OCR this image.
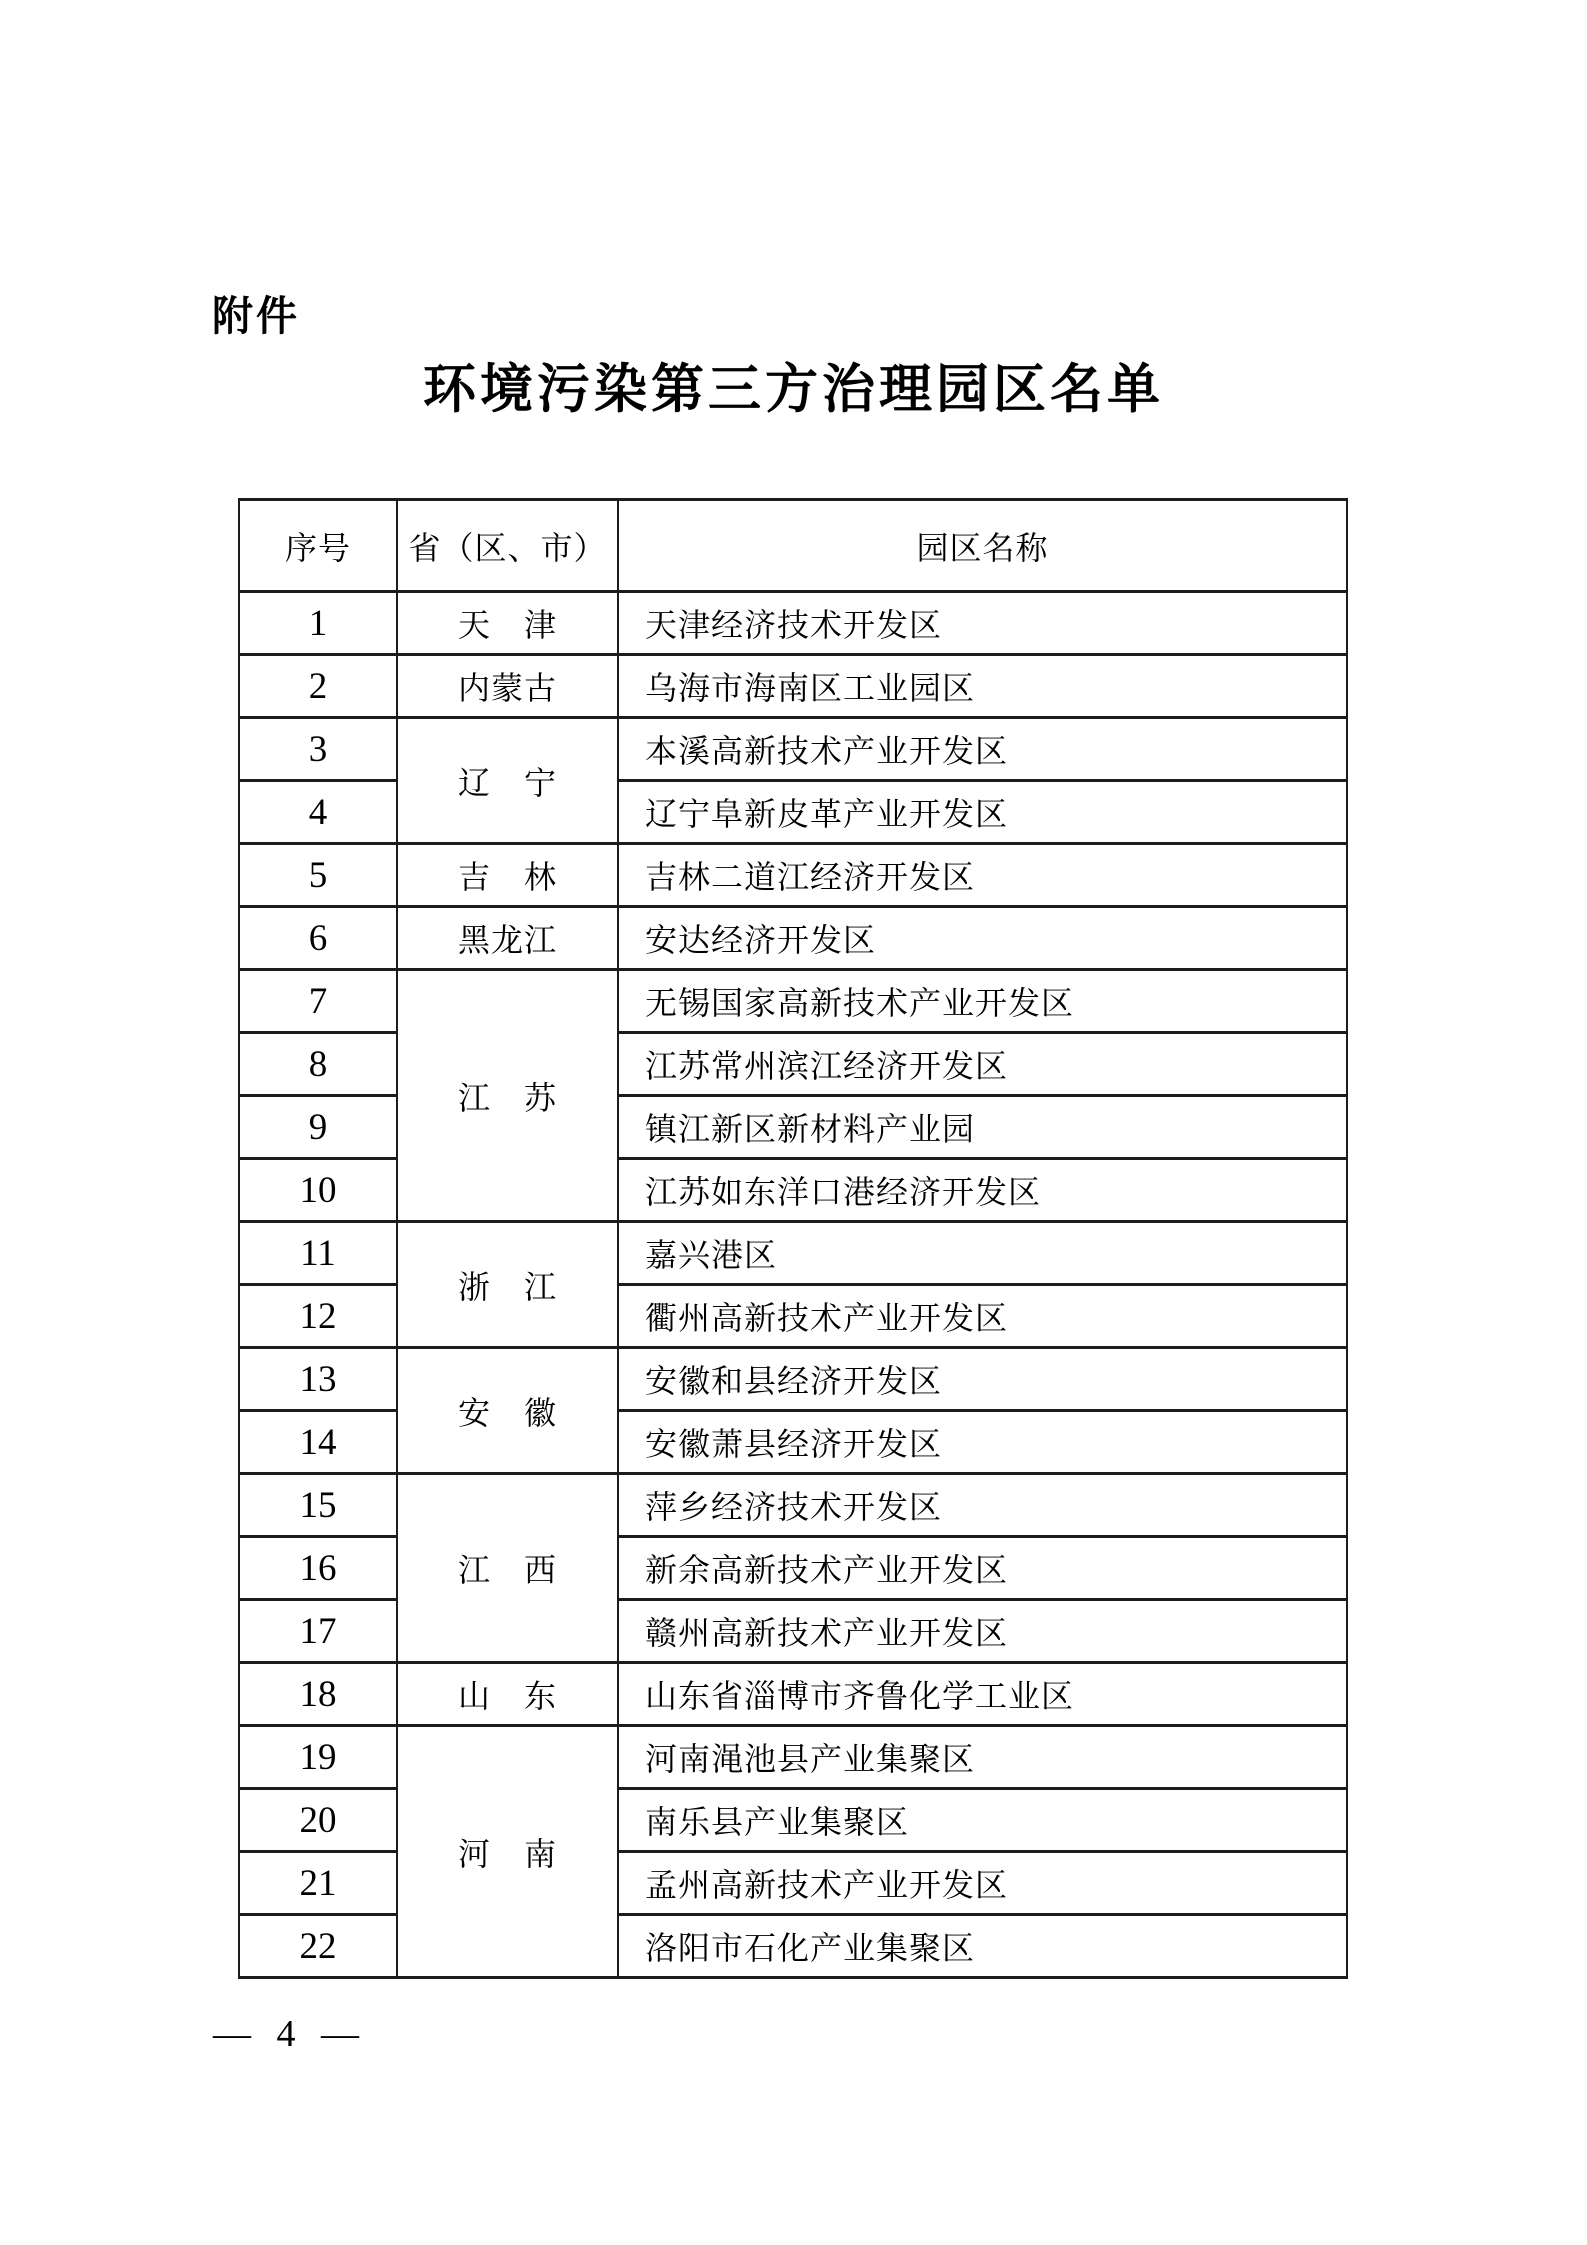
附件
环境污染第三方治理园区名单
序号	省（区、市）	园区名称
1	天　津	天津经济技术开发区
2	内蒙古	乌海市海南区工业园区
3	辽　宁	本溪高新技术产业开发区
4		辽宁阜新皮革产业开发区
5	吉　林	吉林二道江经济开发区
6	黑龙江	安达经济开发区
7	江　苏	无锡国家高新技术产业开发区
8		江苏常州滨江经济开发区
9		镇江新区新材料产业园
10		江苏如东洋口港经济开发区
11	浙　江	嘉兴港区
12		衢州高新技术产业开发区
13	安　徽	安徽和县经济开发区
14		安徽萧县经济开发区
15	江　西	萍乡经济技术开发区
16		新余高新技术产业开发区
17		赣州高新技术产业开发区
18	山　东	山东省淄博市齐鲁化学工业区
19	河　南	河南渑池县产业集聚区
20		南乐县产业集聚区
21		孟州高新技术产业开发区
22		洛阳市石化产业集聚区
— 4 —
